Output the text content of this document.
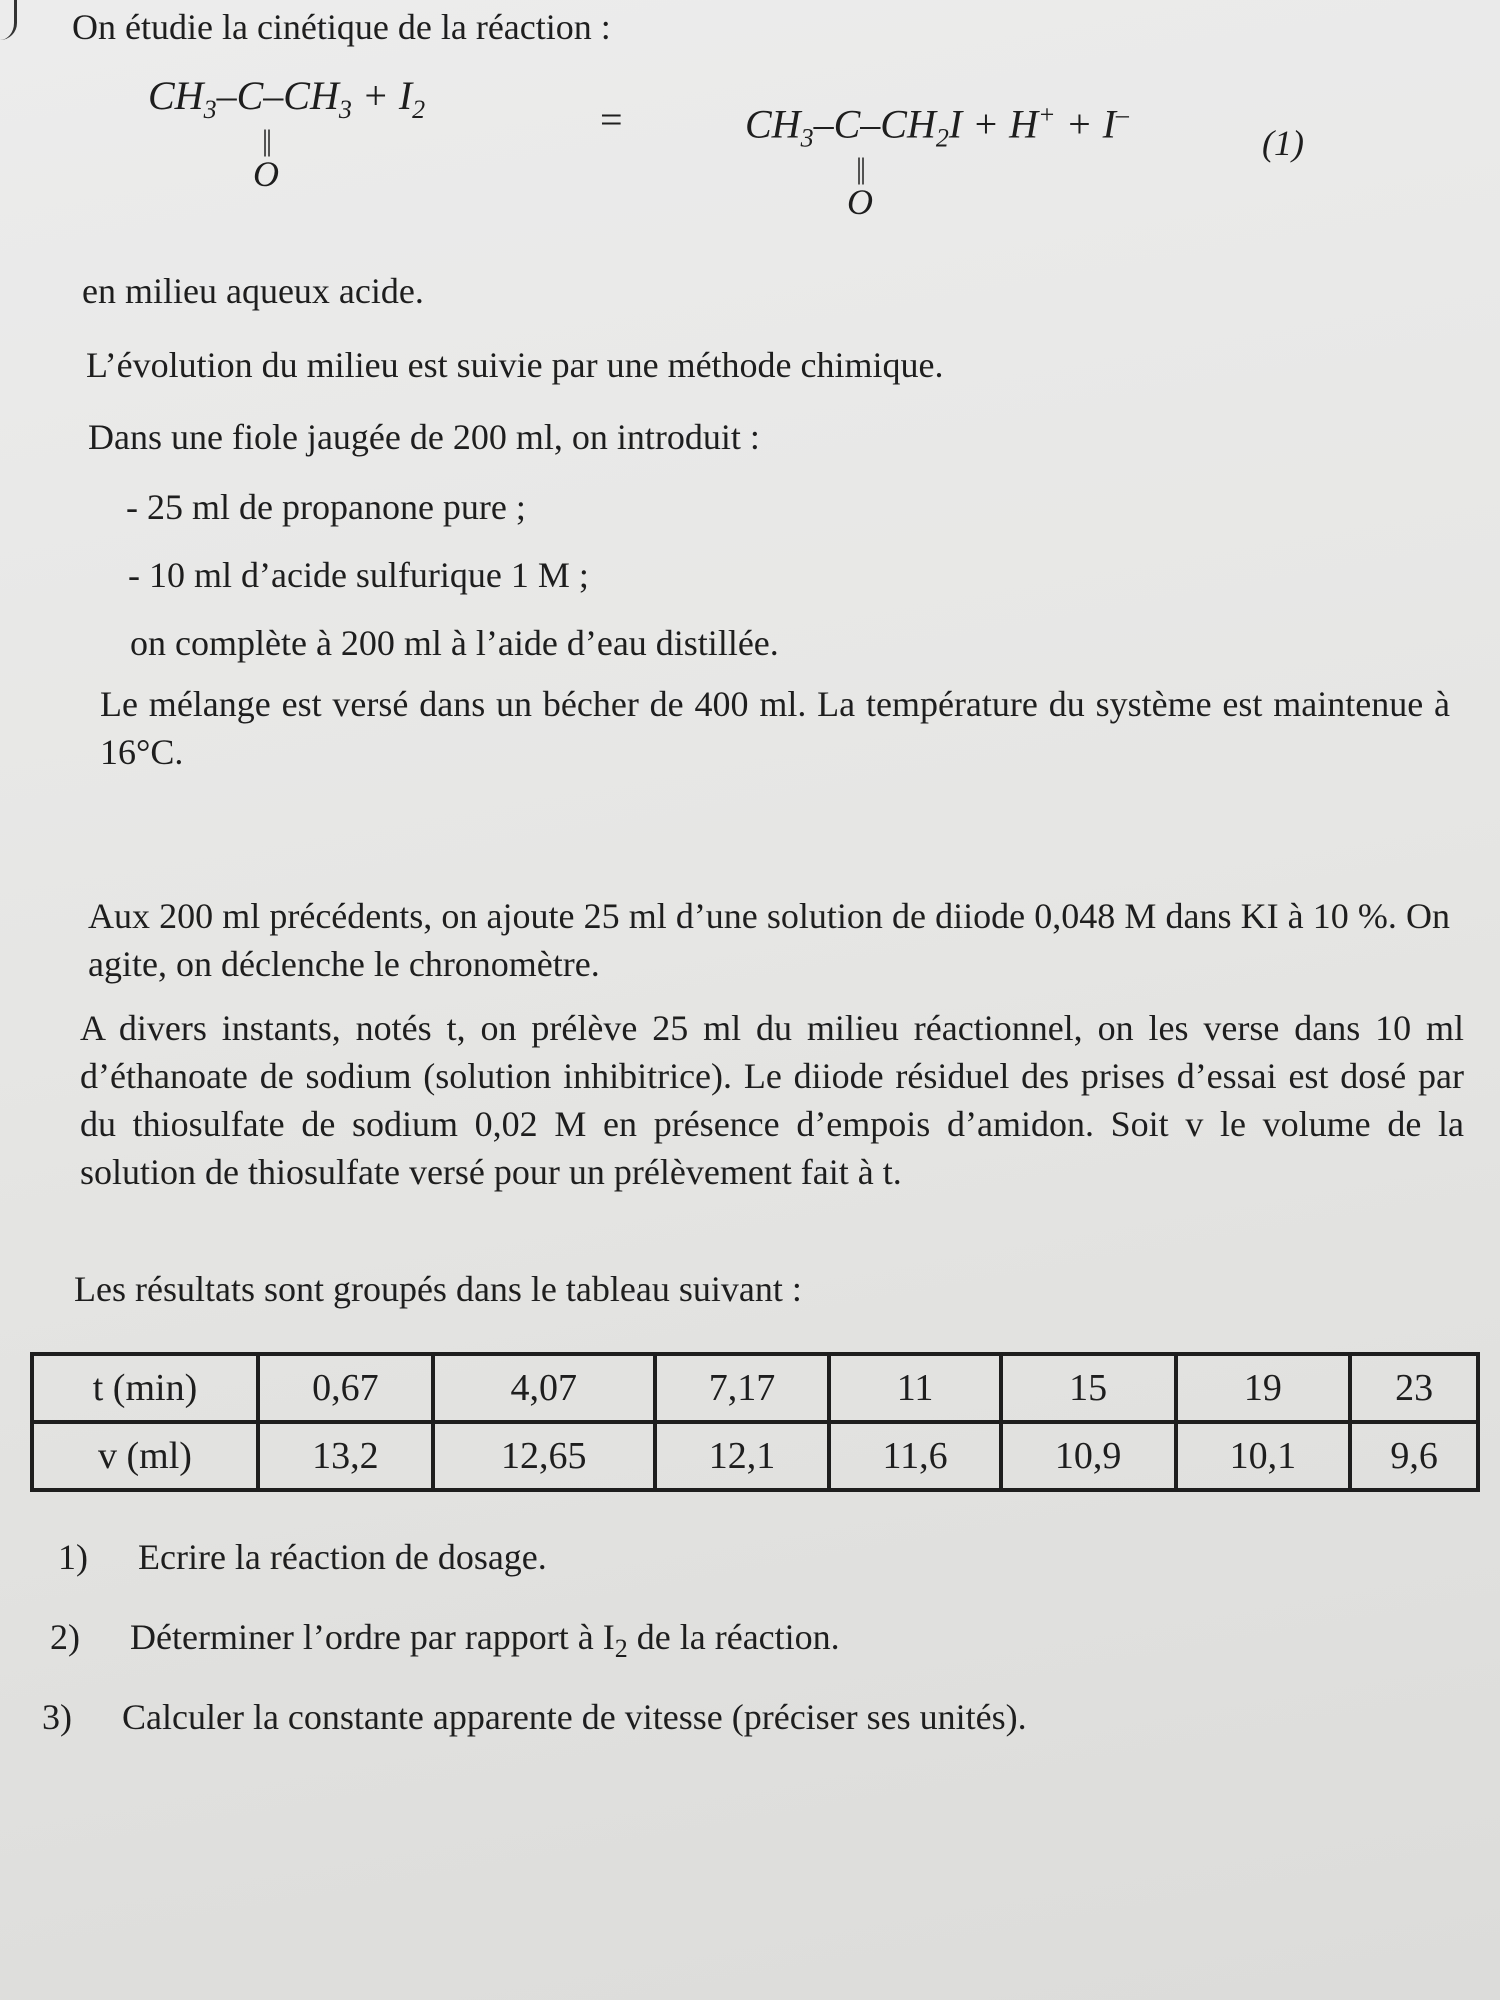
On étudie la cinétique de la réaction :
$CH_3-C-CH_3 + I_2$
||
O
=	$CH_3-C-CH_2I + H^+ + I^-$
||
O
(1)
en milieu aqueux acide.
L’évolution du milieu est suivie par une méthode chimique.
Dans une fiole jaugée de 200 ml, on introduit :
- 25 ml de propanone pure ;
- 10 ml d’acide sulfurique 1 M ;
on complète à 200 ml à l’aide d’eau distillée.
Le mélange est versé dans un bécher de 400 ml. La température du système est maintenue à 16°C.
Aux 200 ml précédents, on ajoute 25 ml d’une solution de diiode 0,048 M dans KI à 10 %. On agite, on déclenche le chronomètre.
A divers instants, notés t, on prélève 25 ml du milieu réactionnel, on les verse dans 10 ml d’éthanoate de sodium (solution inhibitrice). Le diiode résiduel des prises d’essai est dosé par du thiosulfate de sodium 0,02 M en présence d’empois d’amidon. Soit v le volume de la solution de thiosulfate versé pour un prélèvement fait à t.
Les résultats sont groupés dans le tableau suivant :
t (min)	0,67	4,07	7,17	11	15	19	23
v (ml)	13,2	12,65	12,1	11,6	10,9	10,1	9,6
1) Ecrire la réaction de dosage.
2) Déterminer l’ordre par rapport à $I_2$ de la réaction.
3) Calculer la constante apparente de vitesse (préciser ses unités).
